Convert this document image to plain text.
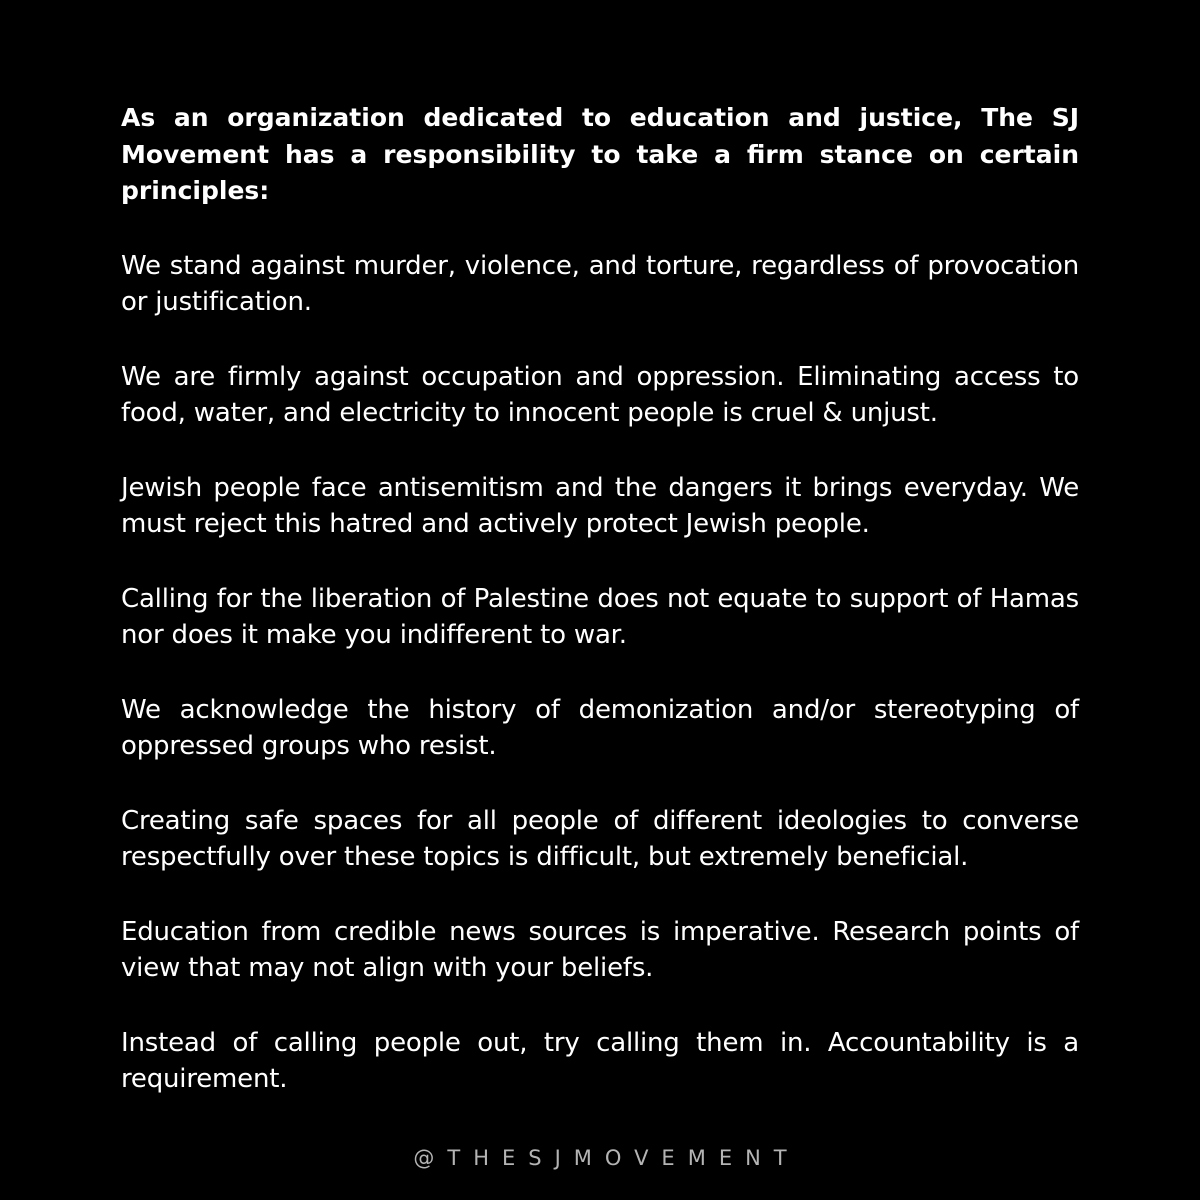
As an organization dedicated to education and justice, The SJ Movement has a responsibility to take a firm stance on certain principles:

We stand against murder, violence, and torture, regardless of provocation or justification.

We are firmly against occupation and oppression. Eliminating access to food, water, and electricity to innocent people is cruel & unjust.

Jewish people face antisemitism and the dangers it brings everyday. We must reject this hatred and actively protect Jewish people.

Calling for the liberation of Palestine does not equate to support of Hamas nor does it make you indifferent to war.

We acknowledge the history of demonization and/or stereotyping of oppressed groups who resist.

Creating safe spaces for all people of different ideologies to converse respectfully over these topics is difficult, but extremely beneficial.

Education from credible news sources is imperative. Research points of view that may not align with your beliefs.

Instead of calling people out, try calling them in. Accountability is a requirement.

@THESJMOVEMENT
